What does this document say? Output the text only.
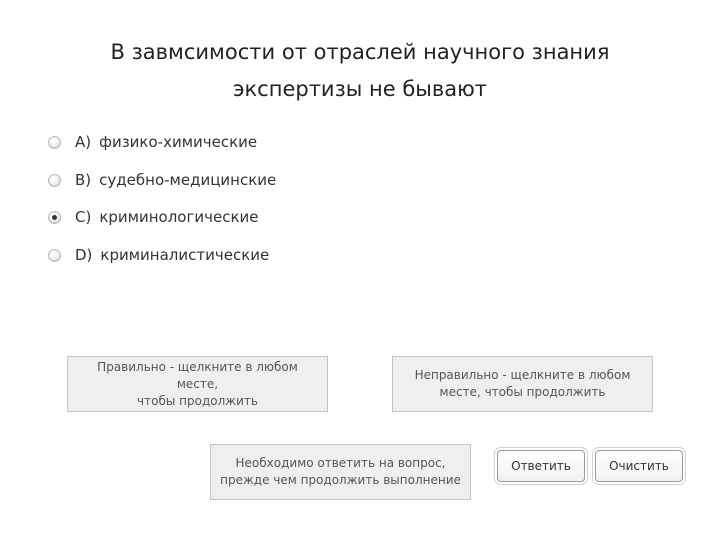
В завмсимости от отраслей научного знания
экспертизы не бывают
A) физико-химические
B) судебно-медицинские
C) криминологические
D) криминалистические
Правильно - щелкните в любом месте,
чтобы продолжить
Неправильно - щелкните в любом
месте, чтобы продолжить
Необходимо ответить на вопрос,
прежде чем продолжить выполнение
Ответить	Очистить
